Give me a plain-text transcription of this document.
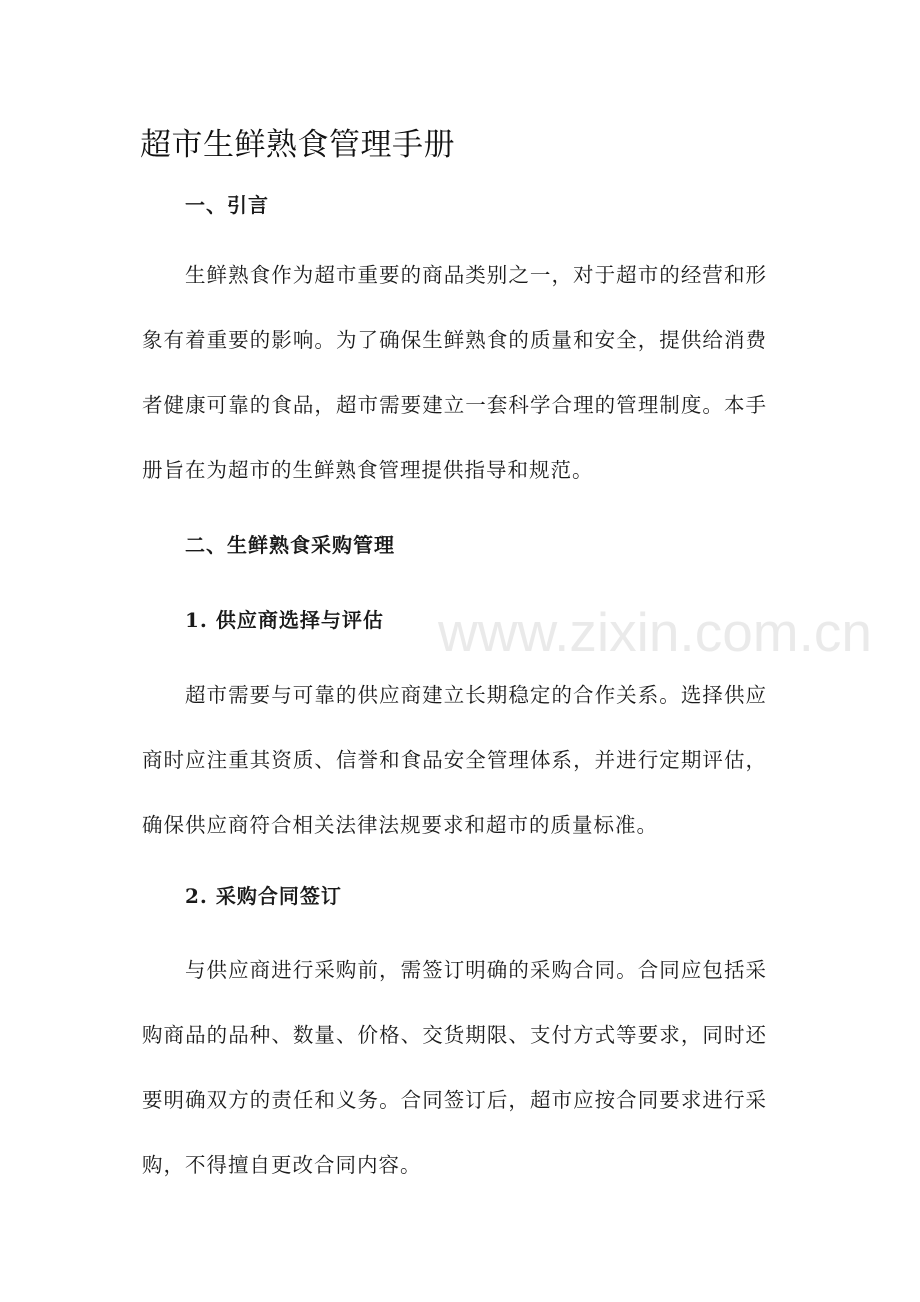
超市生鲜熟食管理手册
一、引言

生鲜熟食作为超市重要的商品类别之一，对于超市的经营和形象有着重要的影响。为了确保生鲜熟食的质量和安全，提供给消费者健康可靠的食品，超市需要建立一套科学合理的管理制度。本手册旨在为超市的生鲜熟食管理提供指导和规范。

二、生鲜熟食采购管理
1. 供应商选择与评估

超市需要与可靠的供应商建立长期稳定的合作关系。选择供应商时应注重其资质、信誉和食品安全管理体系，并进行定期评估，确保供应商符合相关法律法规要求和超市的质量标准。

2. 采购合同签订

与供应商进行采购前，需签订明确的采购合同。合同应包括采购商品的品种、数量、价格、交货期限、支付方式等要求，同时还要明确双方的责任和义务。合同签订后，超市应按合同要求进行采购，不得擅自更改合同内容。

www.zixin.com.cn
